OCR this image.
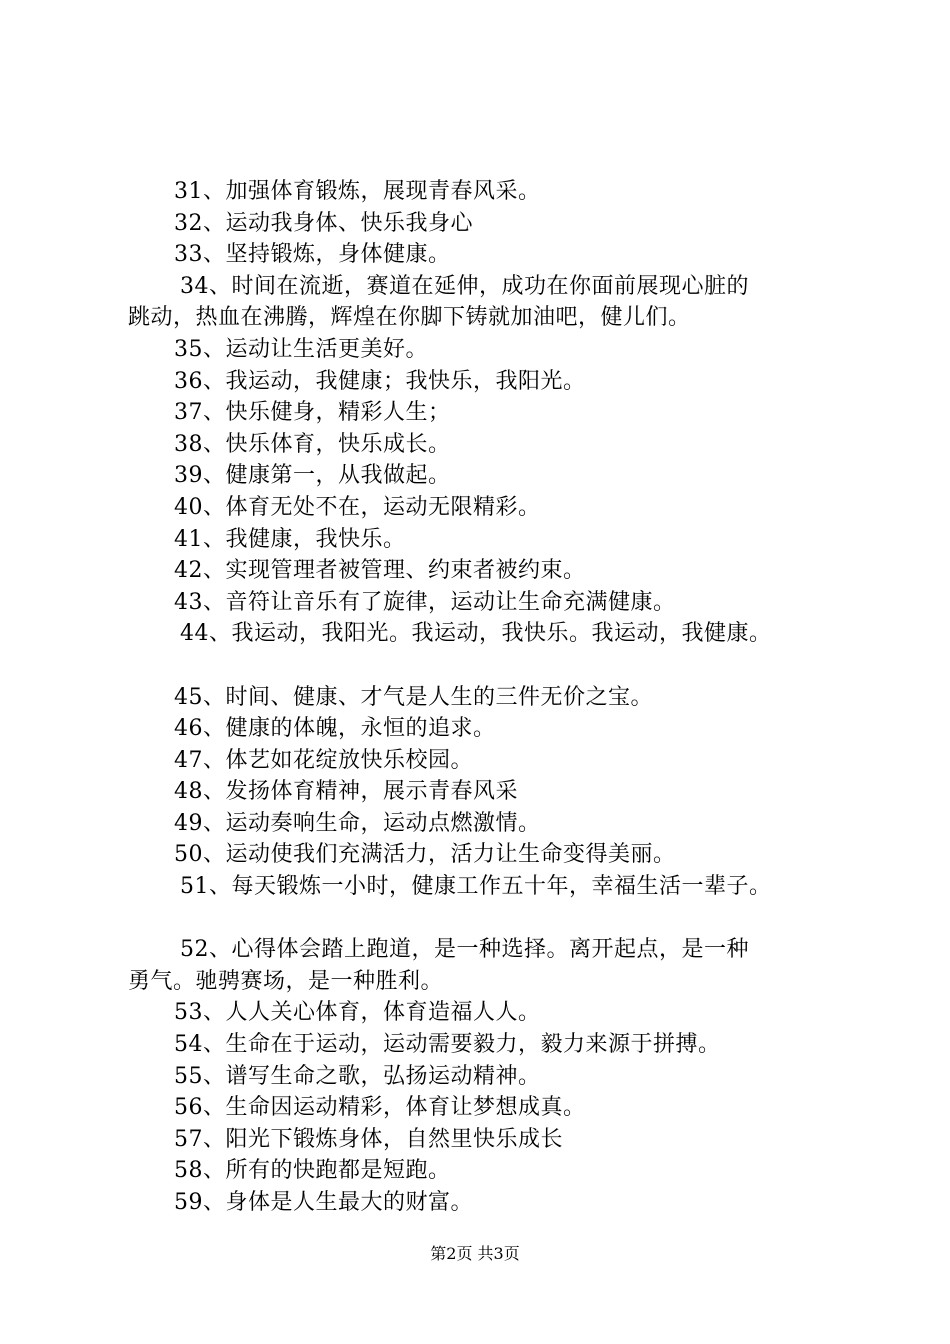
31、加强体育锻炼，展现青春风采。
32、运动我身体、快乐我身心
33、坚持锻炼，身体健康。
34、时间在流逝，赛道在延伸，成功在你面前展现心脏的
跳动，热血在沸腾，辉煌在你脚下铸就加油吧，健儿们。
35、运动让生活更美好。
36、我运动，我健康；我快乐，我阳光。
37、快乐健身，精彩人生；
38、快乐体育，快乐成长。
39、健康第一，从我做起。
40、体育无处不在，运动无限精彩。
41、我健康，我快乐。
42、实现管理者被管理、约束者被约束。
43、音符让音乐有了旋律，运动让生命充满健康。
44、我运动，我阳光。我运动，我快乐。我运动，我健康。
45、时间、健康、才气是人生的三件无价之宝。
46、健康的体魄，永恒的追求。
47、体艺如花绽放快乐校园。
48、发扬体育精神，展示青春风采
49、运动奏响生命，运动点燃激情。
50、运动使我们充满活力，活力让生命变得美丽。
51、每天锻炼一小时，健康工作五十年，幸福生活一辈子。
52、心得体会踏上跑道，是一种选择。离开起点，是一种
勇气。驰骋赛场，是一种胜利。
53、人人关心体育，体育造福人人。
54、生命在于运动，运动需要毅力，毅力来源于拼搏。
55、谱写生命之歌，弘扬运动精神。
56、生命因运动精彩，体育让梦想成真。
57、阳光下锻炼身体，自然里快乐成长
58、所有的快跑都是短跑。
59、身体是人生最大的财富。
第2页 共3页
